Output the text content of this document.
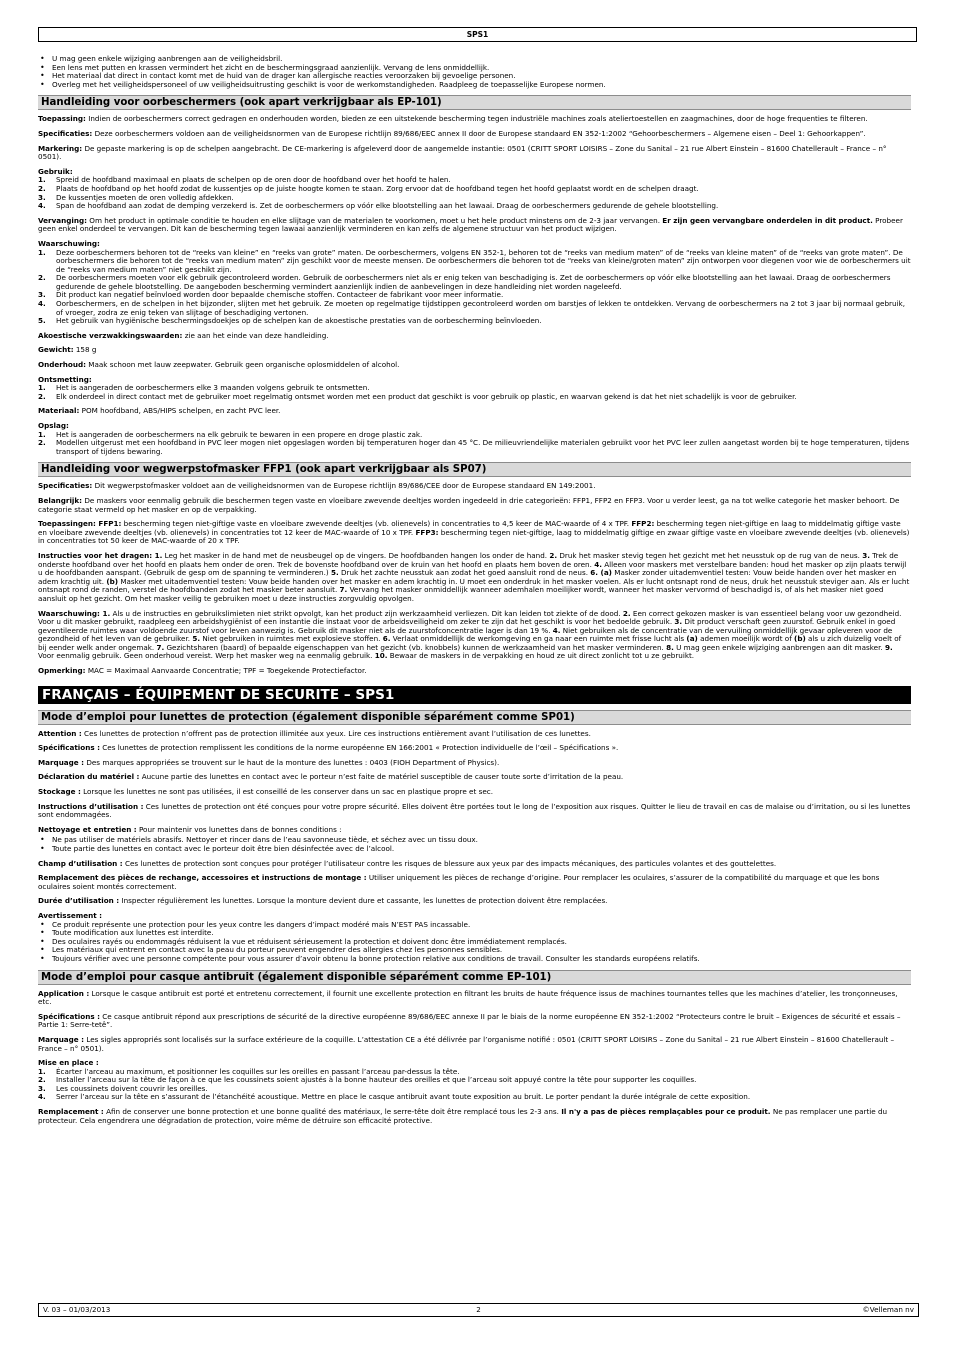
SPS1
• U mag geen enkele wijziging aanbrengen aan de veiligheidsbril.
• Een lens met putten en krassen vermindert het zicht en de beschermingsgraad aanzienlijk. Vervang de lens onmiddellijk.
• Het materiaal dat direct in contact komt met de huid van de drager kan allergische reacties veroorzaken bij gevoelige personen.
• Overleg met het veiligheidspersoneel of uw veiligheidsuitrusting geschikt is voor de werkomstandigheden. Raadpleeg de toepasselijke Europese normen.
Handleiding voor oorbeschermers (ook apart verkrijgbaar als EP-101)

Toepassing: Indien de oorbeschermers correct gedragen en onderhouden worden, bieden ze een uitstekende bescherming tegen industriële machines zoals ateliertoestellen en zaagmachines, door de hoge frequenties te filteren.

Specificaties: Deze oorbeschermers voldoen aan de veiligheidsnormen van de Europese richtlijn 89/686/EEC annex II door de Europese standaard EN 352-1:2002 “Gehoorbeschermers – Algemene eisen – Deel 1: Gehoorkappen”.

Markering: De gepaste markering is op de schelpen aangebracht. De CE-markering is afgeleverd door de aangemelde instantie: 0501 (CRITT SPORT LOISIRS – Zone du Sanital – 21 rue Albert Einstein – 81600 Chatellerault – France – n° 0501).

Gebruik:

1. Spreid de hoofdband maximaal en plaats de schelpen op de oren door de hoofdband over het hoofd te halen.
2. Plaats de hoofdband op het hoofd zodat de kussentjes op de juiste hoogte komen te staan. Zorg ervoor dat de hoofdband tegen het hoofd geplaatst wordt en de schelpen draagt.
3. De kussentjes moeten de oren volledig afdekken.
4. Span de hoofdband aan zodat de demping verzekerd is. Zet de oorbeschermers op vóór elke blootstelling aan het lawaai. Draag de oorbeschermers gedurende de gehele blootstelling.

Vervanging: Om het product in optimale conditie te houden en elke slijtage van de materialen te voorkomen, moet u het hele product minstens om de 2-3 jaar vervangen. Er zijn geen vervangbare onderdelen in dit product. Probeer geen enkel onderdeel te vervangen. Dit kan de bescherming tegen lawaai aanzienlijk verminderen en kan zelfs de algemene structuur van het product wijzigen.

Waarschuwing:

1. Deze oorbeschermers behoren tot de “reeks van kleine” en “reeks van grote” maten. De oorbeschermers, volgens EN 352-1, behoren tot de “reeks van medium maten” of de “reeks van kleine maten” of de “reeks van grote maten”. De oorbeschermers die behoren tot de “reeks van medium maten” zijn geschikt voor de meeste mensen. De oorbeschermers die behoren tot de “reeks van kleine/groten maten” zijn ontworpen voor diegenen voor wie de oorbeschermers uit de “reeks van medium maten” niet geschikt zijn.
2. De oorbeschermers moeten voor elk gebruik gecontroleerd worden. Gebruik de oorbeschermers niet als er enig teken van beschadiging is. Zet de oorbeschermers op vóór elke blootstelling aan het lawaai. Draag de oorbeschermers gedurende de gehele blootstelling. De aangeboden bescherming vermindert aanzienlijk indien de aanbevelingen in deze handleiding niet worden nageleefd.
3. Dit product kan negatief beïnvloed worden door bepaalde chemische stoffen. Contacteer de fabrikant voor meer informatie.
4. Oorbeschermers, en de schelpen in het bijzonder, slijten met het gebruik. Ze moeten op regelmatige tijdstippen gecontroleerd worden om barstjes of lekken te ontdekken. Vervang de oorbeschermers na 2 tot 3 jaar bij normaal gebruik, of vroeger, zodra ze enig teken van slijtage of beschadiging vertonen.
5. Het gebruik van hygiënische beschermingsdoekjes op de schelpen kan de akoestische prestaties van de oorbescherming beïnvloeden.

Akoestische verzwakkingswaarden: zie aan het einde van deze handleiding.

Gewicht: 158 g

Onderhoud: Maak schoon met lauw zeepwater. Gebruik geen organische oplosmiddelen of alcohol.

Ontsmetting:

1. Het is aangeraden de oorbeschermers elke 3 maanden volgens gebruik te ontsmetten.
2. Elk onderdeel in direct contact met de gebruiker moet regelmatig ontsmet worden met een product dat geschikt is voor gebruik op plastic, en waarvan gekend is dat het niet schadelijk is voor de gebruiker.

Materiaal: POM hoofdband, ABS/HIPS schelpen, en zacht PVC leer.

Opslag:

1. Het is aangeraden de oorbeschermers na elk gebruik te bewaren in een propere en droge plastic zak.
2. Modellen uitgerust met een hoofdband in PVC leer mogen niet opgeslagen worden bij temperaturen hoger dan 45 °C. De milieuvriendelijke materialen gebruikt voor het PVC leer zullen aangetast worden bij te hoge temperaturen, tijdens transport of tijdens bewaring.
Handleiding voor wegwerpstofmasker FFP1 (ook apart verkrijgbaar als SP07)

Specificaties: Dit wegwerpstofmasker voldoet aan de veiligheidsnormen van de Europese richtlijn 89/686/CEE door de Europese standaard EN 149:2001.

Belangrijk: De maskers voor eenmalig gebruik die beschermen tegen vaste en vloeibare zwevende deeltjes worden ingedeeld in drie categorieën: FFP1, FFP2 en FFP3. Voor u verder leest, ga na tot welke categorie het masker behoort. De categorie staat vermeld op het masker en op de verpakking.

Toepassingen: FFP1: bescherming tegen niet-giftige vaste en vloeibare zwevende deeltjes (vb. olienevels) in concentraties to 4,5 keer de MAC-waarde of 4 x TPF. FFP2: bescherming tegen niet-giftige en laag to middelmatig giftige vaste en vloeibare zwevende deeltjes (vb. olienevels) in concentraties tot 12 keer de MAC-waarde of 10 x TPF. FFP3: bescherming tegen niet-giftige, laag to middelmatig giftige en zwaar giftige vaste en vloeibare zwevende deeltjes (vb. olienevels) in concentraties tot 50 keer de MAC-waarde of 20 x TPF.

Instructies voor het dragen: 1. Leg het masker in de hand met de neusbeugel op de vingers. De hoofdbanden hangen los onder de hand. 2. Druk het masker stevig tegen het gezicht met het neusstuk op de rug van de neus. 3. Trek de onderste hoofdband over het hoofd en plaats hem onder de oren. Trek de bovenste hoofdband over de kruin van het hoofd en plaats hem boven de oren. 4. Alleen voor maskers met verstelbare banden: houd het masker op zijn plaats terwijl u de hoofdbanden aanspant. (Gebruik de gesp om de spanning te verminderen.) 5. Druk het zachte neusstuk aan zodat het goed aansluit rond de neus. 6. (a) Masker zonder uitademventiel testen: Vouw beide handen over het masker en adem krachtig uit. (b) Masker met uitademventiel testen: Vouw beide handen over het masker en adem krachtig in. U moet een onderdruk in het masker voelen. Als er lucht ontsnapt rond de neus, druk het neusstuk steviger aan. Als er lucht ontsnapt rond de randen, verstel de hoofdbanden zodat het masker beter aansluit. 7. Vervang het masker onmiddellijk wanneer ademhalen moeilijker wordt, wanneer het masker vervormd of beschadigd is, of als het masker niet goed aansluit op het gezicht. Om het masker veilig te gebruiken moet u deze instructies zorgvuldig opvolgen.

Waarschuwing: 1. Als u de instructies en gebruikslimieten niet strikt opvolgt, kan het product zijn werkzaamheid verliezen. Dit kan leiden tot ziekte of de dood. 2. Een correct gekozen masker is van essentieel belang voor uw gezondheid. Voor u dit masker gebruikt, raadpleeg een arbeidshygiënist of een instantie die instaat voor de arbeidsveiligheid om zeker te zijn dat het geschikt is voor het bedoelde gebruik. 3. Dit product verschaft geen zuurstof. Gebruik enkel in goed geventileerde ruimtes waar voldoende zuurstof voor leven aanwezig is. Gebruik dit masker niet als de zuurstofconcentratie lager is dan 19 %. 4. Niet gebruiken als de concentratie van de vervuiling onmiddellijk gevaar opleveren voor de gezondheid of het leven van de gebruiker. 5. Niet gebruiken in ruimtes met explosieve stoffen. 6. Verlaat onmiddellijk de werkomgeving en ga naar een ruimte met frisse lucht als (a) ademen moeilijk wordt of (b) als u zich duizelig voelt of bij eender welk ander ongemak. 7. Gezichtsharen (baard) of bepaalde eigenschappen van het gezicht (vb. knobbels) kunnen de werkzaamheid van het masker verminderen. 8. U mag geen enkele wijziging aanbrengen aan dit masker. 9. Voor eenmalig gebruik. Geen onderhoud vereist. Werp het masker weg na eenmalig gebruik. 10. Bewaar de maskers in de verpakking en houd ze uit direct zonlicht tot u ze gebruikt.

Opmerking: MAC = Maximaal Aanvaarde Concentratie; TPF = Toegekende Protectiefactor.

FRANÇAIS – ÉQUIPEMENT DE SECURITE – SPS1
Mode d’emploi pour lunettes de protection (également disponible séparément comme SP01)

Attention : Ces lunettes de protection n’offrent pas de protection illimitée aux yeux. Lire ces instructions entièrement avant l’utilisation de ces lunettes.

Spécifications : Ces lunettes de protection remplissent les conditions de la norme européenne EN 166:2001 « Protection individuelle de l’œil – Spécifications ».

Marquage : Des marques appropriées se trouvent sur le haut de la monture des lunettes : 0403 (FIOH Department of Physics).

Déclaration du matériel : Aucune partie des lunettes en contact avec le porteur n’est faite de matériel susceptible de causer toute sorte d’irritation de la peau.

Stockage : Lorsque les lunettes ne sont pas utilisées, il est conseillé de les conserver dans un sac en plastique propre et sec.

Instructions d’utilisation : Ces lunettes de protection ont été conçues pour votre propre sécurité. Elles doivent être portées tout le long de l’exposition aux risques. Quitter le lieu de travail en cas de malaise ou d’irritation, ou si les lunettes sont endommagées.

Nettoyage et entretien : Pour maintenir vos lunettes dans de bonnes conditions :

• Ne pas utiliser de matériels abrasifs. Nettoyer et rincer dans de l’eau savonneuse tiède, et séchez avec un tissu doux.
• Toute partie des lunettes en contact avec le porteur doit être bien désinfectée avec de l’alcool.

Champ d’utilisation : Ces lunettes de protection sont conçues pour protéger l’utilisateur contre les risques de blessure aux yeux par des impacts mécaniques, des particules volantes et des gouttelettes.

Remplacement des pièces de rechange, accessoires et instructions de montage : Utiliser uniquement les pièces de rechange d’origine. Pour remplacer les oculaires, s’assurer de la compatibilité du marquage et que les bons oculaires soient montés correctement.

Durée d’utilisation : Inspecter régulièrement les lunettes. Lorsque la monture devient dure et cassante, les lunettes de protection doivent être remplacées.

Avertissement :

• Ce produit représente une protection pour les yeux contre les dangers d’impact modéré mais N’EST PAS incassable.
• Toute modification aux lunettes est interdite.
• Des oculaires rayés ou endommagés réduisent la vue et réduisent sérieusement la protection et doivent donc être immédiatement remplacés.
• Les matériaux qui entrent en contact avec la peau du porteur peuvent engendrer des allergies chez les personnes sensibles.
• Toujours vérifier avec une personne compétente pour vous assurer d’avoir obtenu la bonne protection relative aux conditions de travail. Consulter les standards européens relatifs.
Mode d’emploi pour casque antibruit (également disponible séparément comme EP-101)

Application : Lorsque le casque antibruit est porté et entretenu correctement, il fournit une excellente protection en filtrant les bruits de haute fréquence issus de machines tournantes telles que les machines d’atelier, les tronçonneuses, etc.

Spécifications : Ce casque antibruit répond aux prescriptions de sécurité de la directive européenne 89/686/EEC annexe II par le biais de la norme européenne EN 352-1:2002 “Protecteurs contre le bruit – Exigences de sécurité et essais – Partie 1: Serre-tetê”.

Marquage : Les sigles appropriés sont localisés sur la surface extérieure de la coquille. L’attestation CE a été délivrée par l’organisme notifié : 0501 (CRITT SPORT LOISIRS – Zone du Sanital – 21 rue Albert Einstein – 81600 Chatellerault – France – n° 0501).

Mise en place :

1. Écarter l’arceau au maximum, et positionner les coquilles sur les oreilles en passant l’arceau par-dessus la tête.
2. Installer l’arceau sur la tête de façon à ce que les coussinets soient ajustés à la bonne hauteur des oreilles et que l’arceau soit appuyé contre la tête pour supporter les coquilles.
3. Les coussinets doivent couvrir les oreilles.
4. Serrer l’arceau sur la tête en s’assurant de l’étanchéité acoustique. Mettre en place le casque antibruit avant toute exposition au bruit. Le porter pendant la durée intégrale de cette exposition.

Remplacement : Afin de conserver une bonne protection et une bonne qualité des matériaux, le serre-tête doit être remplacé tous les 2-3 ans. Il n'y a pas de pièces remplaçables pour ce produit. Ne pas remplacer une partie du protecteur. Cela engendrera une dégradation de protection, voire même de détruire son efficacité protective.

V. 03 – 01/03/2013	2	©Velleman nv
